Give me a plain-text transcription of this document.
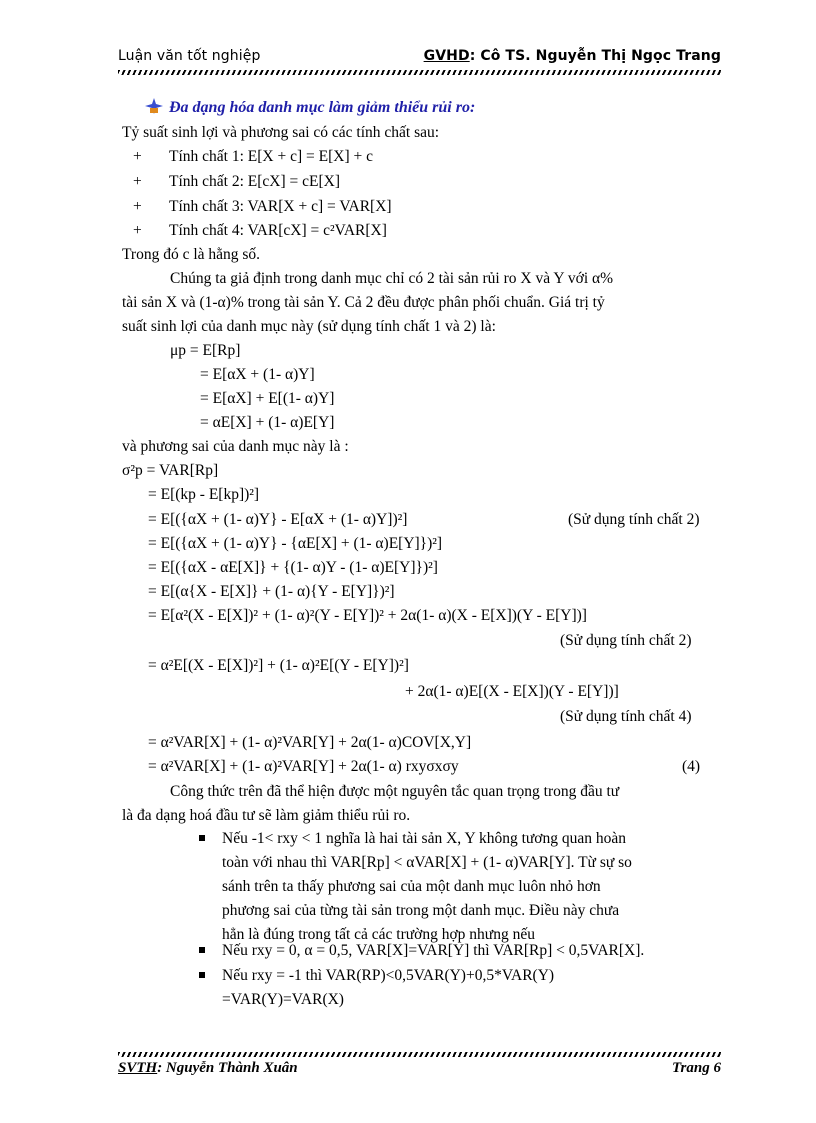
Luận văn tốt nghiệp	GVHD: Cô TS. Nguyễn Thị Ngọc Trang
Đa dạng hóa danh mục làm giảm thiểu rủi ro:
Tỷ suất sinh lợi và phương sai có các tính chất sau:
+ Tính chất 1: E[X + c] = E[X] + c
+ Tính chất 2: E[cX] = cE[X]
+ Tính chất 3: VAR[X + c] = VAR[X]
+ Tính chất 4: VAR[cX] = c²VAR[X]
Trong đó c là hằng số.
Chúng ta giả định trong danh mục chỉ có 2 tài sản rủi ro X và Y với α%
tài sản X và (1-α)% trong tài sản Y. Cả 2 đều được phân phối chuẩn. Giá trị tỷ
suất sinh lợi của danh mục này (sử dụng tính chất 1 và 2) là:
μp = E[Rp]
= E[αX + (1- α)Y]
= E[αX] + E[(1- α)Y]
= αE[X] + (1- α)E[Y]
và phương sai của danh mục này là :
σ²p = VAR[Rp]
= E[(kp - E[kp])²]
= E[({αX + (1- α)Y} - E[αX + (1- α)Y])²]	(Sử dụng tính chất 2)
= E[({αX + (1- α)Y} - {αE[X] + (1- α)E[Y]})²]
= E[({αX - αE[X]} + {(1- α)Y - (1- α)E[Y]})²]
= E[(α{X - E[X]} + (1- α){Y - E[Y]})²]
= E[α²(X - E[X])² + (1- α)²(Y - E[Y])² + 2α(1- α)(X - E[X])(Y - E[Y])]
(Sử dụng tính chất 2)
= α²E[(X - E[X])²] + (1- α)²E[(Y - E[Y])²]
+ 2α(1- α)E[(X - E[X])(Y - E[Y])]
(Sử dụng tính chất 4)
= α²VAR[X] + (1- α)²VAR[Y] + 2α(1- α)COV[X,Y]
= α²VAR[X] + (1- α)²VAR[Y] + 2α(1- α) rxyσxσy	(4)
Công thức trên đã thể hiện được một nguyên tắc quan trọng trong đầu tư
là đa dạng hoá đầu tư sẽ làm giảm thiểu rủi ro.
Nếu -1< rxy < 1 nghĩa là hai tài sản X, Y không tương quan hoàn
toàn với nhau thì VAR[Rp] < αVAR[X] + (1- α)VAR[Y]. Từ sự so
sánh trên ta thấy phương sai của một danh mục luôn nhỏ hơn
phương sai của từng tài sản trong một danh mục. Điều này chưa
hẳn là đúng trong tất cả các trường hợp nhưng nếu
Nếu rxy = 0, α = 0,5, VAR[X]=VAR[Y] thì VAR[Rp] < 0,5VAR[X].
Nếu rxy = -1 thì VAR(RP)<0,5VAR(Y)+0,5*VAR(Y)
=VAR(Y)=VAR(X)
SVTH: Nguyễn Thành Xuân	Trang 6
